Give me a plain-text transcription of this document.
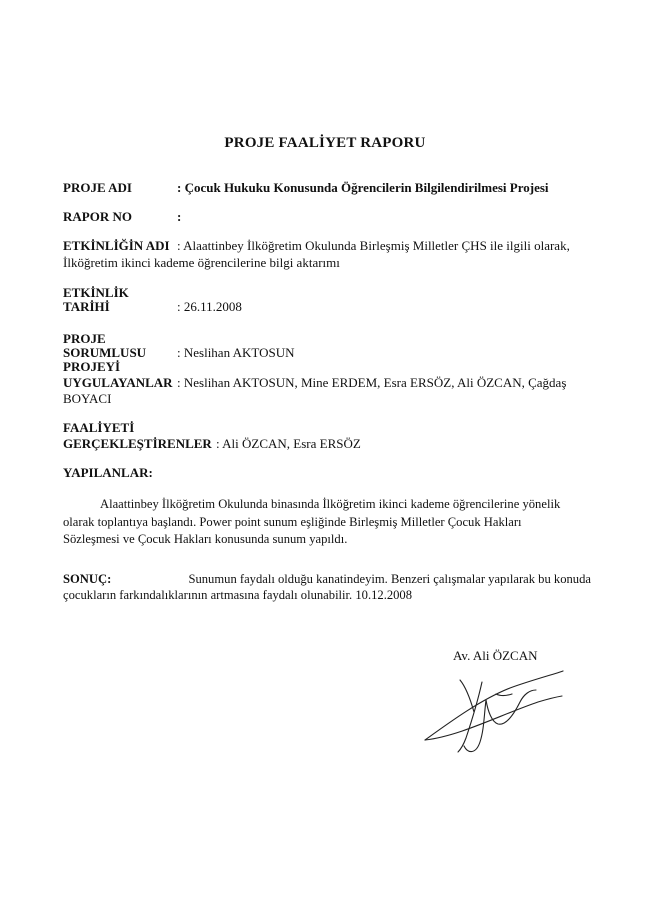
PROJE FAALİYET RAPORU
PROJE ADI	: Çocuk Hukuku Konusunda Öğrencilerin Bilgilendirilmesi Projesi
RAPOR NO	:
ETKİNLİĞİN ADI : Alaattinbey İlköğretim Okulunda Birleşmiş Milletler ÇHS ile ilgili olarak,
İlköğretim ikinci kademe öğrencilerine bilgi aktarımı
ETKİNLİK
TARİHİ	: 26.11.2008
PROJE
SORUMLUSU : Neslihan AKTOSUN
PROJEYİ
UYGULAYANLAR : Neslihan AKTOSUN, Mine ERDEM, Esra ERSÖZ, Ali ÖZCAN, Çağdaş
BOYACI
FAALİYETİ
GERÇEKLEŞTİRENLER : Ali ÖZCAN, Esra ERSÖZ
YAPILANLAR:
Alaattinbey İlköğretim Okulunda binasında İlköğretim ikinci kademe öğrencilerine yönelik
olarak toplantıya başlandı. Power point sunum eşliğinde Birleşmiş Milletler Çocuk Hakları
Sözleşmesi ve Çocuk Hakları konusunda sunum yapıldı.
SONUÇ:	Sunumun faydalı olduğu kanatindeyim. Benzeri çalışmalar yapılarak bu konuda
çocukların farkındalıklarının artmasına faydalı olunabilir. 10.12.2008
Av. Ali ÖZCAN
